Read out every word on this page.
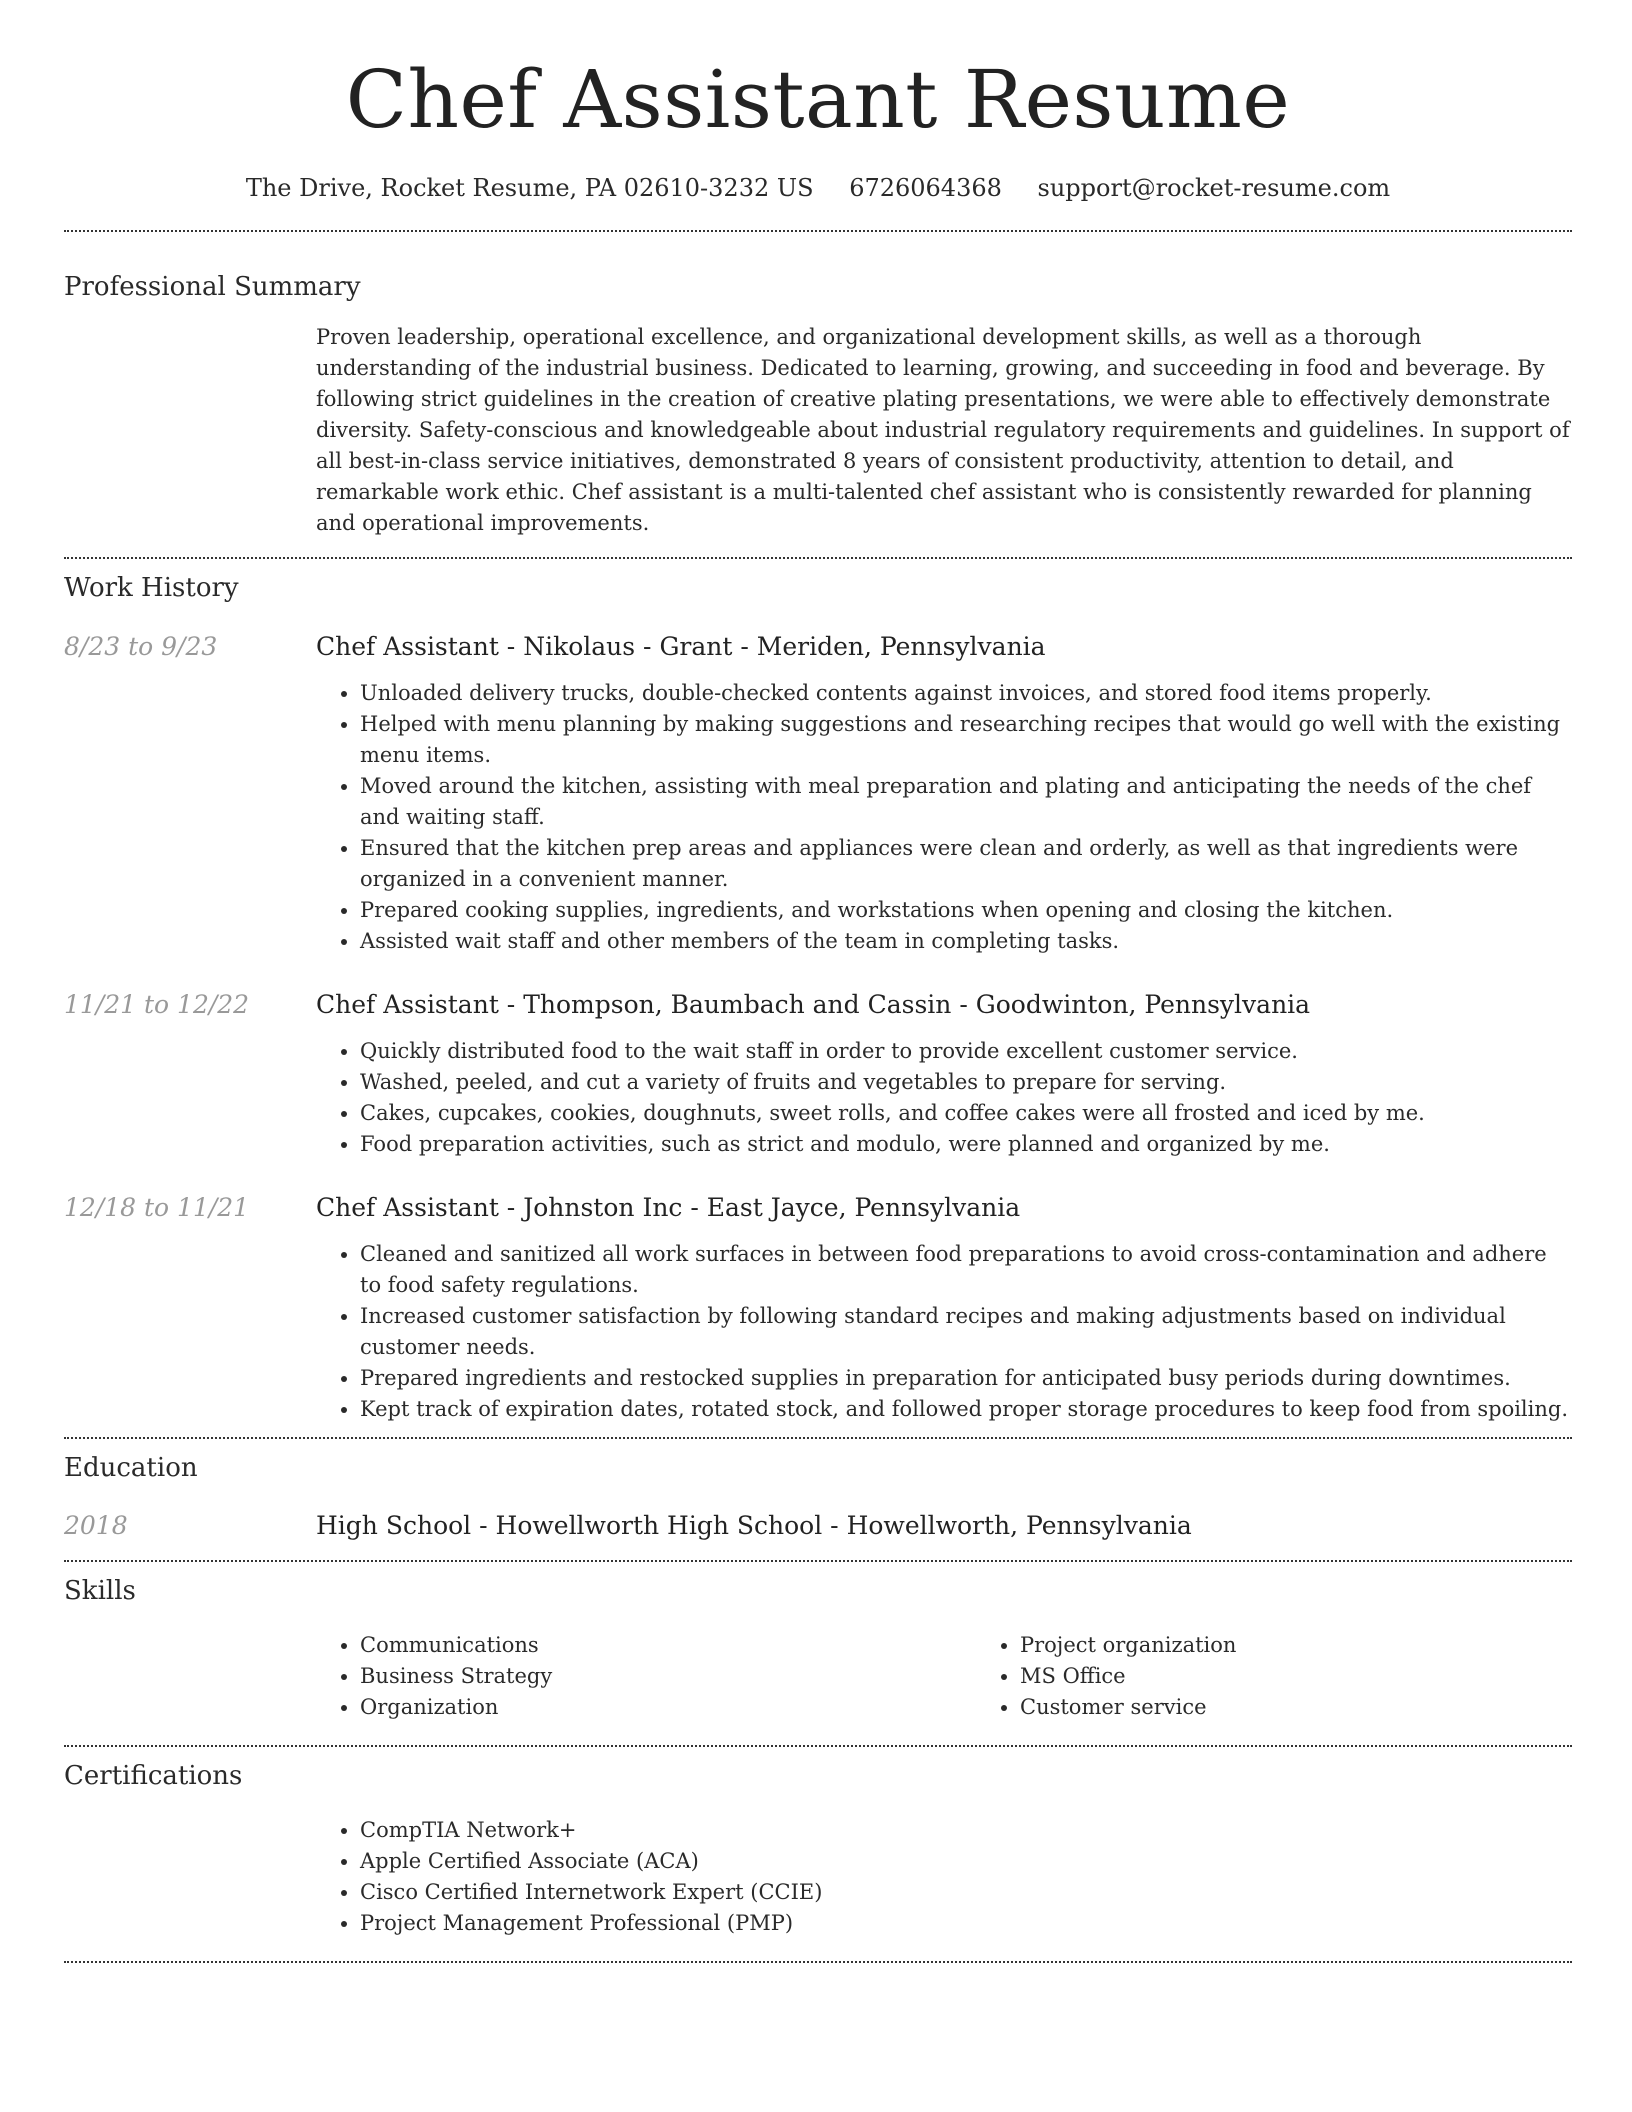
Chef Assistant Resume
The Drive, Rocket Resume, PA 02610-3232 US 6726064368 support@rocket-resume.com
Professional Summary

Proven leadership, operational excellence, and organizational development skills, as well as a thorough understanding of the industrial business. Dedicated to learning, growing, and succeeding in food and beverage. By following strict guidelines in the creation of creative plating presentations, we were able to effectively demonstrate diversity. Safety-conscious and knowledgeable about industrial regulatory requirements and guidelines. In support of all best-in-class service initiatives, demonstrated 8 years of consistent productivity, attention to detail, and remarkable work ethic. Chef assistant is a multi-talented chef assistant who is consistently rewarded for planning and operational improvements.

Work History
8/23 to 9/23	Chef Assistant - Nikolaus - Grant - Meriden, Pennsylvania
• Unloaded delivery trucks, double-checked contents against invoices, and stored food items properly.
• Helped with menu planning by making suggestions and researching recipes that would go well with the existing menu items.
• Moved around the kitchen, assisting with meal preparation and plating and anticipating the needs of the chef and waiting staff.
• Ensured that the kitchen prep areas and appliances were clean and orderly, as well as that ingredients were organized in a convenient manner.
• Prepared cooking supplies, ingredients, and workstations when opening and closing the kitchen.
• Assisted wait staff and other members of the team in completing tasks.
11/21 to 12/22	Chef Assistant - Thompson, Baumbach and Cassin - Goodwinton, Pennsylvania
• Quickly distributed food to the wait staff in order to provide excellent customer service.
• Washed, peeled, and cut a variety of fruits and vegetables to prepare for serving.
• Cakes, cupcakes, cookies, doughnuts, sweet rolls, and coffee cakes were all frosted and iced by me.
• Food preparation activities, such as strict and modulo, were planned and organized by me.
12/18 to 11/21	Chef Assistant - Johnston Inc - East Jayce, Pennsylvania
• Cleaned and sanitized all work surfaces in between food preparations to avoid cross-contamination and adhere to food safety regulations.
• Increased customer satisfaction by following standard recipes and making adjustments based on individual customer needs.
• Prepared ingredients and restocked supplies in preparation for anticipated busy periods during downtimes.
• Kept track of expiration dates, rotated stock, and followed proper storage procedures to keep food from spoiling.
Education
2018	High School - Howellworth High School - Howellworth, Pennsylvania
Skills
• Communications
• Business Strategy
• Organization
• Project organization
• MS Office
• Customer service
Certifications
• CompTIA Network+
• Apple Certified Associate (ACA)
• Cisco Certified Internetwork Expert (CCIE)
• Project Management Professional (PMP)
